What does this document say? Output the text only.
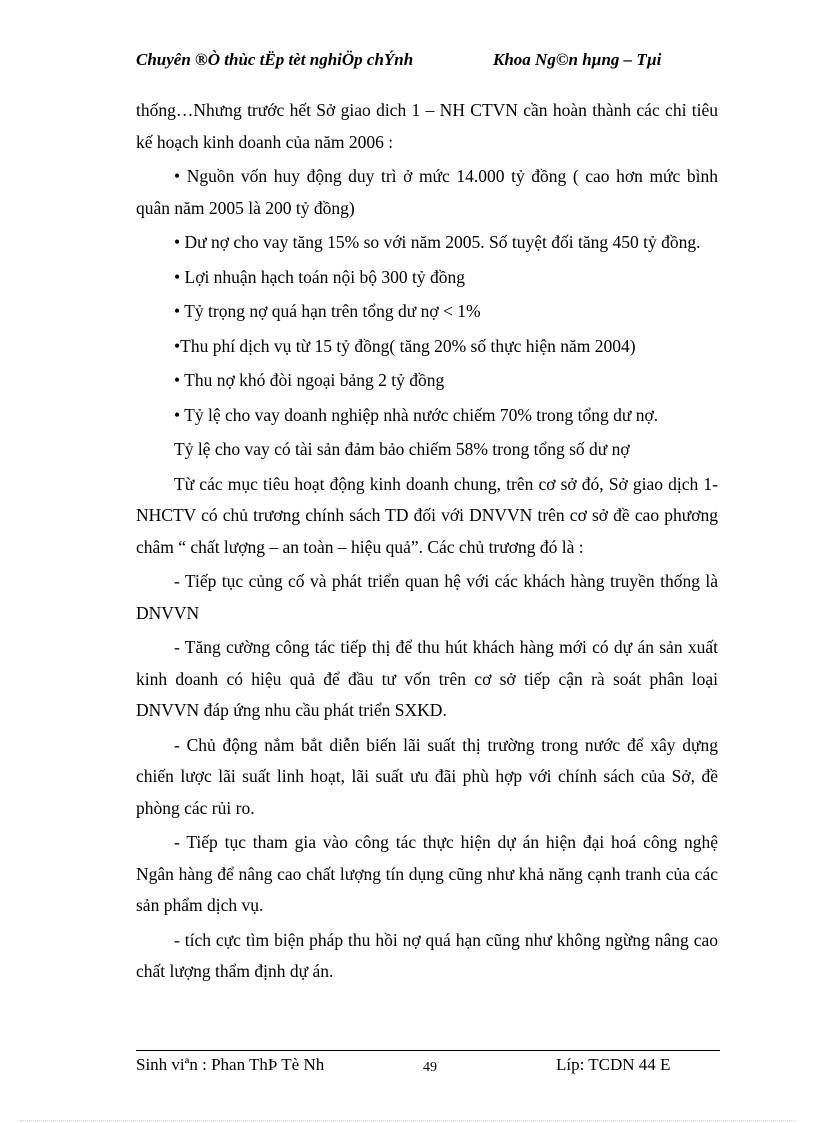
Chuyên ®Ò thùc tËp tèt nghiÖp chÝnh	Khoa Ng©n hµng – Tµi

thống…Nhưng trước hết Sở giao dich 1 – NH CTVN cần hoàn thành các chỉ tiêu kế hoạch kinh doanh của năm 2006 :

• Nguồn vốn huy động duy trì ở mức 14.000 tỷ đồng ( cao hơn mức bình quân năm 2005 là 200 tỷ đồng)

• Dư nợ cho vay tăng 15% so với năm 2005. Số tuyệt đối tăng 450 tỷ đồng.

• Lợi nhuận hạch toán nội bộ 300 tỷ đồng

• Tỷ trọng nợ quá hạn trên tổng dư nợ < 1%

•Thu phí dịch vụ từ 15 tỷ đồng( tăng 20% số thực hiện năm 2004)

• Thu nợ khó đòi ngoại bảng 2 tỷ đồng

• Tỷ lệ cho vay doanh nghiệp nhà nước chiếm 70% trong tổng dư nợ.

Tỷ lệ cho vay có tài sản đảm bảo chiếm 58% trong tổng số dư nợ

Từ các mục tiêu hoạt động kinh doanh chung, trên cơ sở đó, Sở giao dịch 1-NHCTV có chủ trương chính sách TD đối với DNVVN trên cơ sở đề cao phương châm “ chất lượng – an toàn – hiệu quả”. Các chủ trương đó là :

- Tiếp tục củng cố và phát triển quan hệ với các khách hàng truyền thống là DNVVN

- Tăng cường công tác tiếp thị để thu hút khách hàng mới có dự án sản xuất kinh doanh có hiệu quả để đầu tư vốn trên cơ sở tiếp cận rà soát phân loại DNVVN đáp ứng nhu cầu phát triển SXKD.

- Chủ động nắm bắt diễn biến lãi suất thị trường trong nước để xây dựng chiến lược lãi suất linh hoạt, lãi suất ưu đãi phù hợp với chính sách của Sở, đề phòng các rủi ro.

- Tiếp tục tham gia vào công tác thực hiện dự án hiện đại hoá công nghệ Ngân hàng để nâng cao chất lượng tín dụng cũng như khả năng cạnh tranh của các sản phẩm dịch vụ.

- tích cực tìm biện pháp thu hồi nợ quá hạn cũng như không ngừng nâng cao chất lượng thẩm định dự án.

Sinh viªn : Phan ThÞ Tè Nh	49	Líp: TCDN 44 E
